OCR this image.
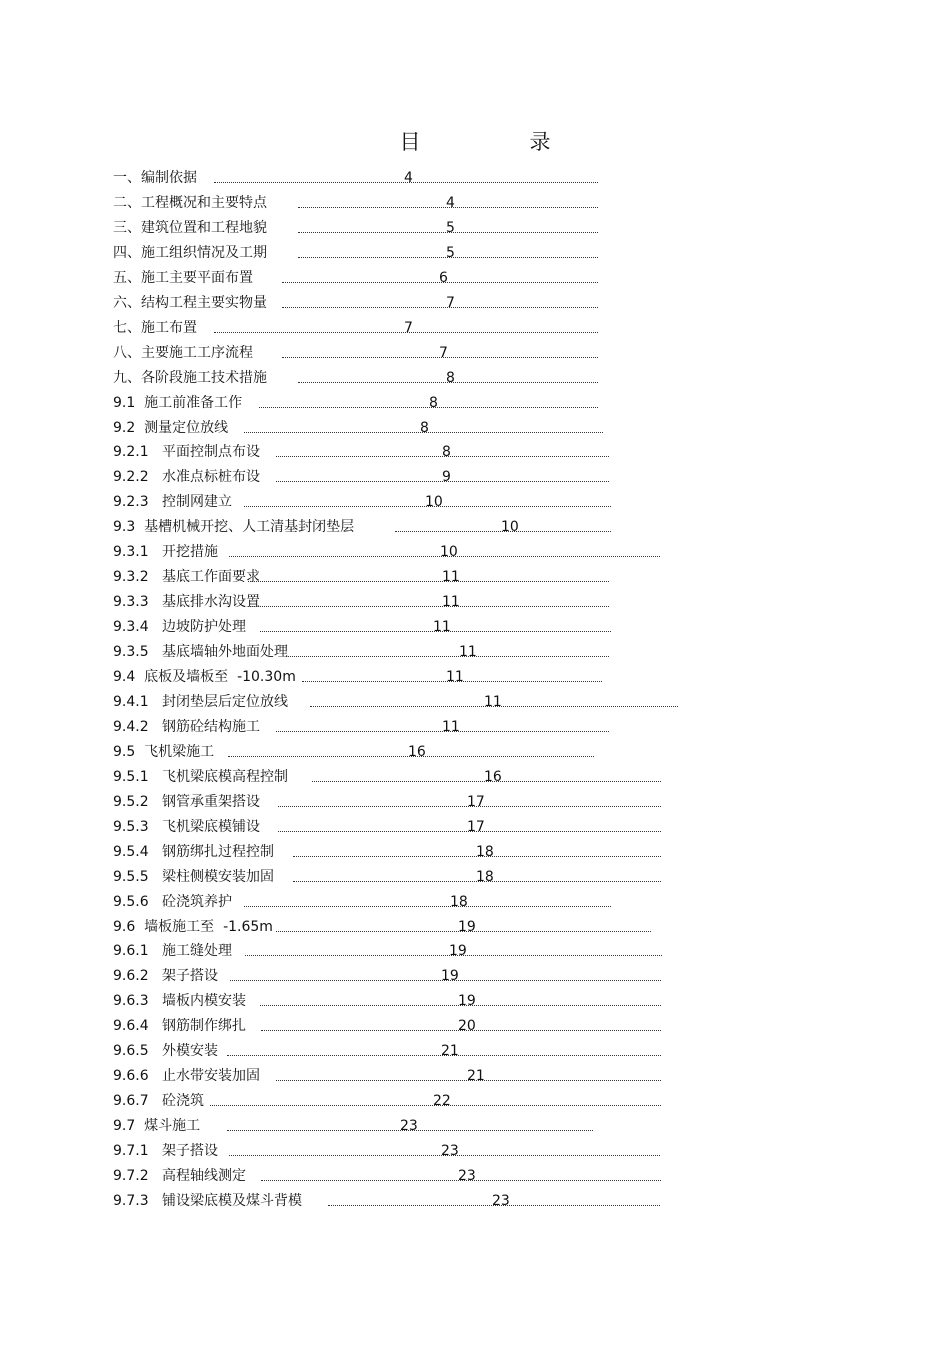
目　录
一、编制依据	4
二、工程概况和主要特点	4
三、建筑位置和工程地貌	5
四、施工组织情况及工期	5
五、施工主要平面布置	6
六、结构工程主要实物量	7
七、施工布置	7
八、主要施工工序流程	7
九、各阶段施工技术措施	8
9.1  施工前准备工作	8
9.2  测量定位放线	8
9.2.1   平面控制点布设	8
9.2.2   水准点标桩布设	9
9.2.3   控制网建立	10
9.3  基槽机械开挖、人工清基封闭垫层	10
9.3.1   开挖措施	10
9.3.2   基底工作面要求	11
9.3.3   基底排水沟设置	11
9.3.4   边坡防护处理	11
9.3.5   基底墙轴外地面处理	11
9.4  底板及墙板至  -10.30m	11
9.4.1   封闭垫层后定位放线	11
9.4.2   钢筋砼结构施工	11
9.5  飞机梁施工	16
9.5.1   飞机梁底模高程控制	16
9.5.2   钢管承重架搭设	17
9.5.3   飞机梁底模铺设	17
9.5.4   钢筋绑扎过程控制	18
9.5.5   梁柱侧模安装加固	18
9.5.6   砼浇筑养护	18
9.6  墙板施工至  -1.65m	19
9.6.1   施工缝处理	19
9.6.2   架子搭设	19
9.6.3   墙板内模安装	19
9.6.4   钢筋制作绑扎	20
9.6.5   外模安装	21
9.6.6   止水带安装加固	21
9.6.7   砼浇筑	22
9.7  煤斗施工	23
9.7.1   架子搭设	23
9.7.2   高程轴线测定	23
9.7.3   铺设梁底模及煤斗背模	23
